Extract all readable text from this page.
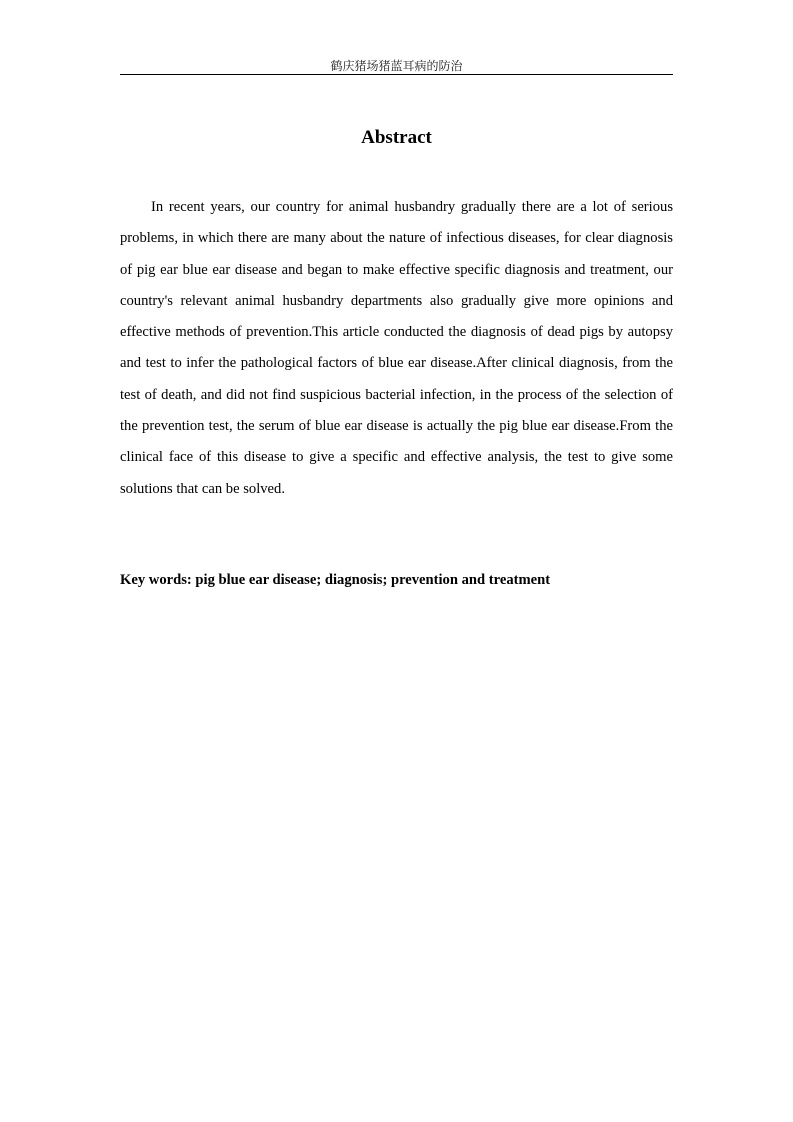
鹤庆猪场猪蓝耳病的防治
Abstract

In recent years, our country for animal husbandry gradually there are a lot of serious problems, in which there are many about the nature of infectious diseases, for clear diagnosis of pig ear blue ear disease and began to make effective specific diagnosis and treatment, our country's relevant animal husbandry departments also gradually give more opinions and effective methods of prevention.This article conducted the diagnosis of dead pigs by autopsy and test to infer the pathological factors of blue ear disease.After clinical diagnosis, from the test of death, and did not find suspicious bacterial infection, in the process of the selection of the prevention test, the serum of blue ear disease is actually the pig blue ear disease.From the clinical face of this disease to give a specific and effective analysis, the test to give some solutions that can be solved.

Key words: pig blue ear disease; diagnosis; prevention and treatment
